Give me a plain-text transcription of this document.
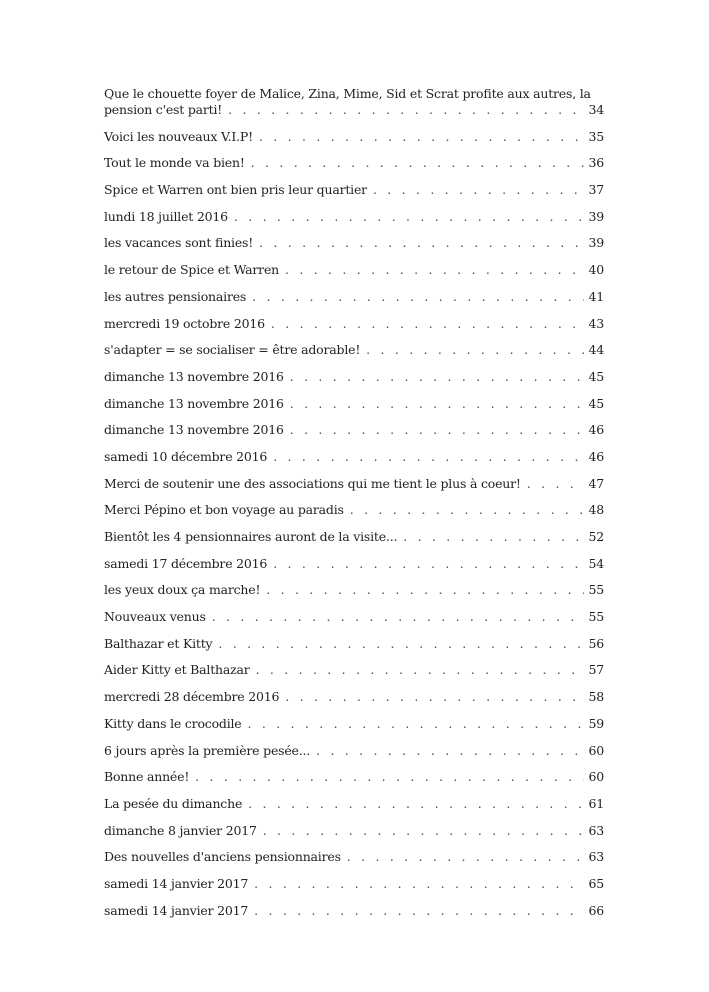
Que le chouette foyer de Malice, Zina, Mime, Sid et Scrat profite aux autres, la
pension c'est parti! . . .	34
Voici les nouveaux V.I.P! . . .	35
Tout le monde va bien! . . .	36
Spice et Warren ont bien pris leur quartier . . .	37
lundi 18 juillet 2016 . . .	39
les vacances sont finies! . . .	39
le retour de Spice et Warren . . .	40
les autres pensionaires . . .	41
mercredi 19 octobre 2016 . . .	43
s'adapter = se socialiser = être adorable! . . .	44
dimanche 13 novembre 2016 . . .	45
dimanche 13 novembre 2016 . . .	45
dimanche 13 novembre 2016 . . .	46
samedi 10 décembre 2016 . . .	46
Merci de soutenir une des associations qui me tient le plus à coeur! . . .	47
Merci Pépino et bon voyage au paradis . . .	48
Bientôt les 4 pensionnaires auront de la visite... . . .	52
samedi 17 décembre 2016 . . .	54
les yeux doux ça marche! . . .	55
Nouveaux venus . . .	55
Balthazar et Kitty . . .	56
Aider Kitty et Balthazar . . .	57
mercredi 28 décembre 2016 . . .	58
Kitty dans le crocodile . . .	59
6 jours après la première pesée... . . .	60
Bonne année! . . .	60
La pesée du dimanche . . .	61
dimanche 8 janvier 2017 . . .	63
Des nouvelles d'anciens pensionnaires . . .	63
samedi 14 janvier 2017 . . .	65
samedi 14 janvier 2017 . . .	66
